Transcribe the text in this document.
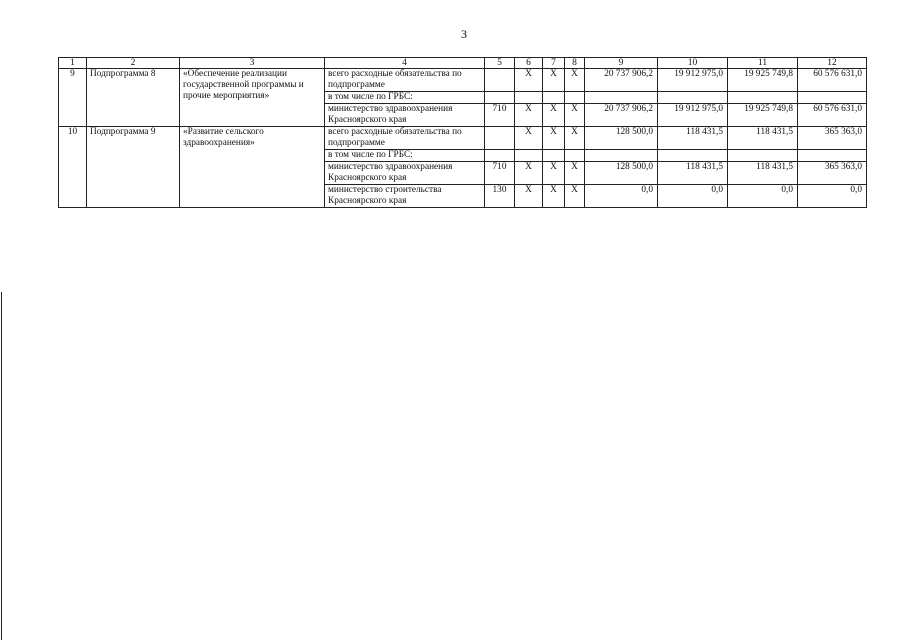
3
1	2	3	4	5	6	7	8	9	10	11	12
9	Подпрограмма 8	«Обеспечение реализации государственной программы и прочие мероприятия»	всего расходные обязательства по подпрограмме		Х	Х	Х	20 737 906,2	19 912 975,0	19 925 749,8	60 576 631,0
			в том числе по ГРБС:								
			министерство здравоохранения Красноярского края	710	Х	Х	Х	20 737 906,2	19 912 975,0	19 925 749,8	60 576 631,0
10	Подпрограмма 9	«Развитие сельского здравоохранения»	всего расходные обязательства по подпрограмме		Х	Х	Х	128 500,0	118 431,5	118 431,5	365 363,0
			в том числе по ГРБС:								
			министерство здравоохранения Красноярского края	710	Х	Х	Х	128 500,0	118 431,5	118 431,5	365 363,0
			министерство строительства Красноярского края	130	Х	Х	Х	0,0	0,0	0,0	0,0
